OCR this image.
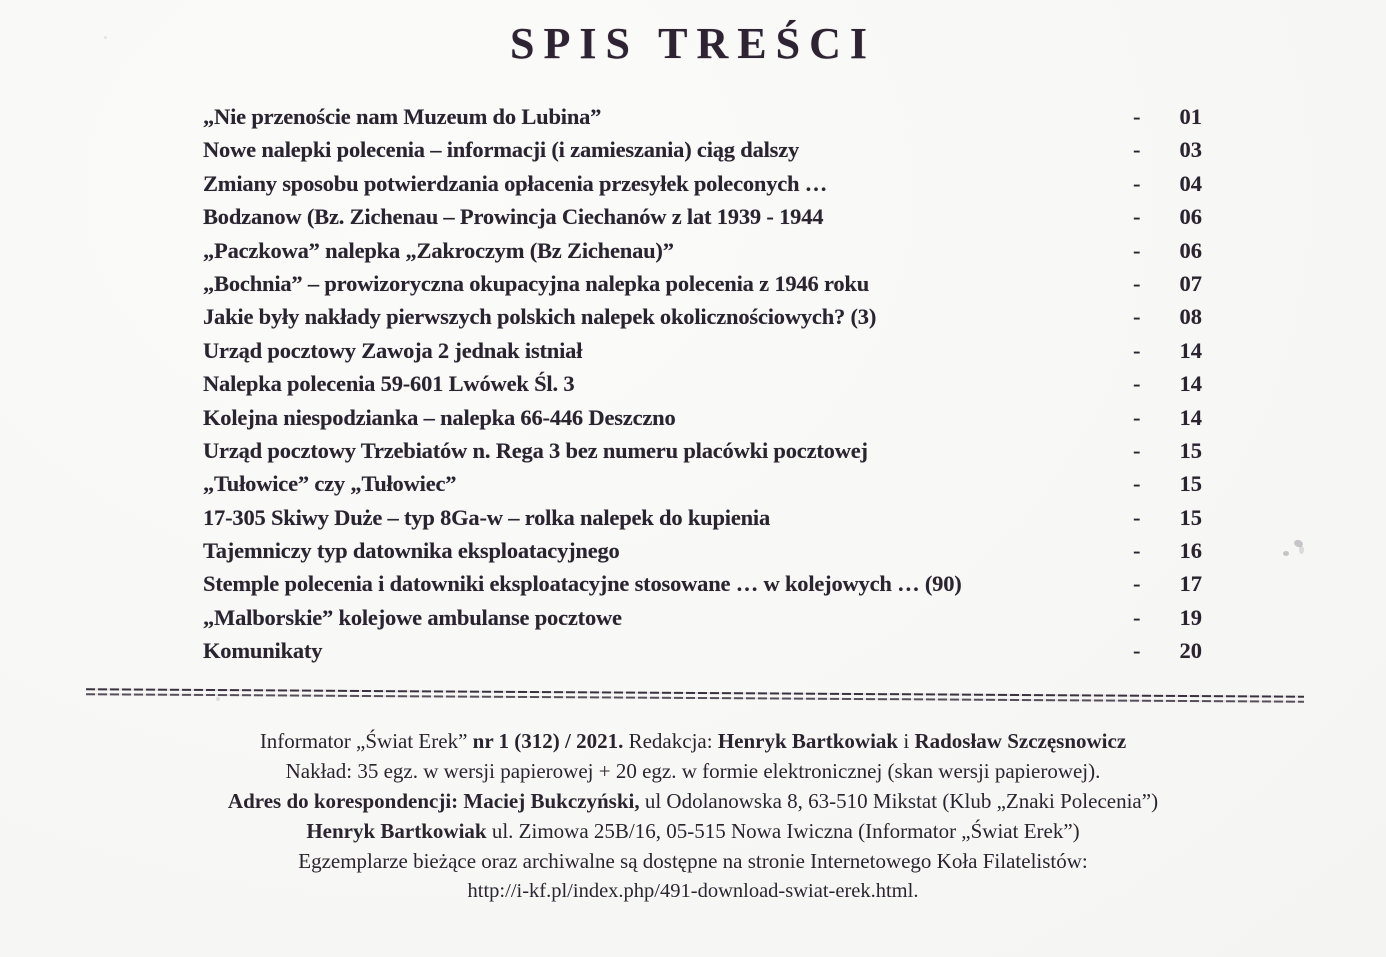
SPIS TREŚCI
„Nie przenoście nam Muzeum do Lubina”	-	01
Nowe nalepki polecenia – informacji (i zamieszania) ciąg dalszy	-	03
Zmiany sposobu potwierdzania opłacenia przesyłek poleconych …	-	04
Bodzanow (Bz. Zichenau – Prowincja Ciechanów z lat 1939 - 1944	-	06
„Paczkowa” nalepka „Zakroczym (Bz Zichenau)”	-	06
„Bochnia” – prowizoryczna okupacyjna nalepka polecenia z 1946 roku	-	07
Jakie były nakłady pierwszych polskich nalepek okolicznościowych? (3)	-	08
Urząd pocztowy Zawoja 2 jednak istniał	-	14
Nalepka polecenia 59-601 Lwówek Śl. 3	-	14
Kolejna niespodzianka – nalepka 66-446 Deszczno	-	14
Urząd pocztowy Trzebiatów n. Rega 3 bez numeru placówki pocztowej	-	15
„Tułowice” czy „Tułowiec”	-	15
17-305 Skiwy Duże – typ 8Ga-w – rolka nalepek do kupienia	-	15
Tajemniczy typ datownika eksploatacyjnego	-	16
Stemple polecenia i datowniki eksploatacyjne stosowane … w kolejowych … (90)	-	17
„Malborskie” kolejowe ambulanse pocztowe	-	19
Komunikaty	-	20
Informator „Świat Erek” nr 1 (312) / 2021. Redakcja: Henryk Bartkowiak i Radosław Szczęsnowicz
Nakład: 35 egz. w wersji papierowej + 20 egz. w formie elektronicznej (skan wersji papierowej).
Adres do korespondencji: Maciej Bukczyński, ul Odolanowska 8, 63-510 Mikstat (Klub „Znaki Polecenia”)
Henryk Bartkowiak ul. Zimowa 25B/16, 05-515 Nowa Iwiczna (Informator „Świat Erek”)
Egzemplarze bieżące oraz archiwalne są dostępne na stronie Internetowego Koła Filatelistów:
http://i-kf.pl/index.php/491-download-swiat-erek.html.
